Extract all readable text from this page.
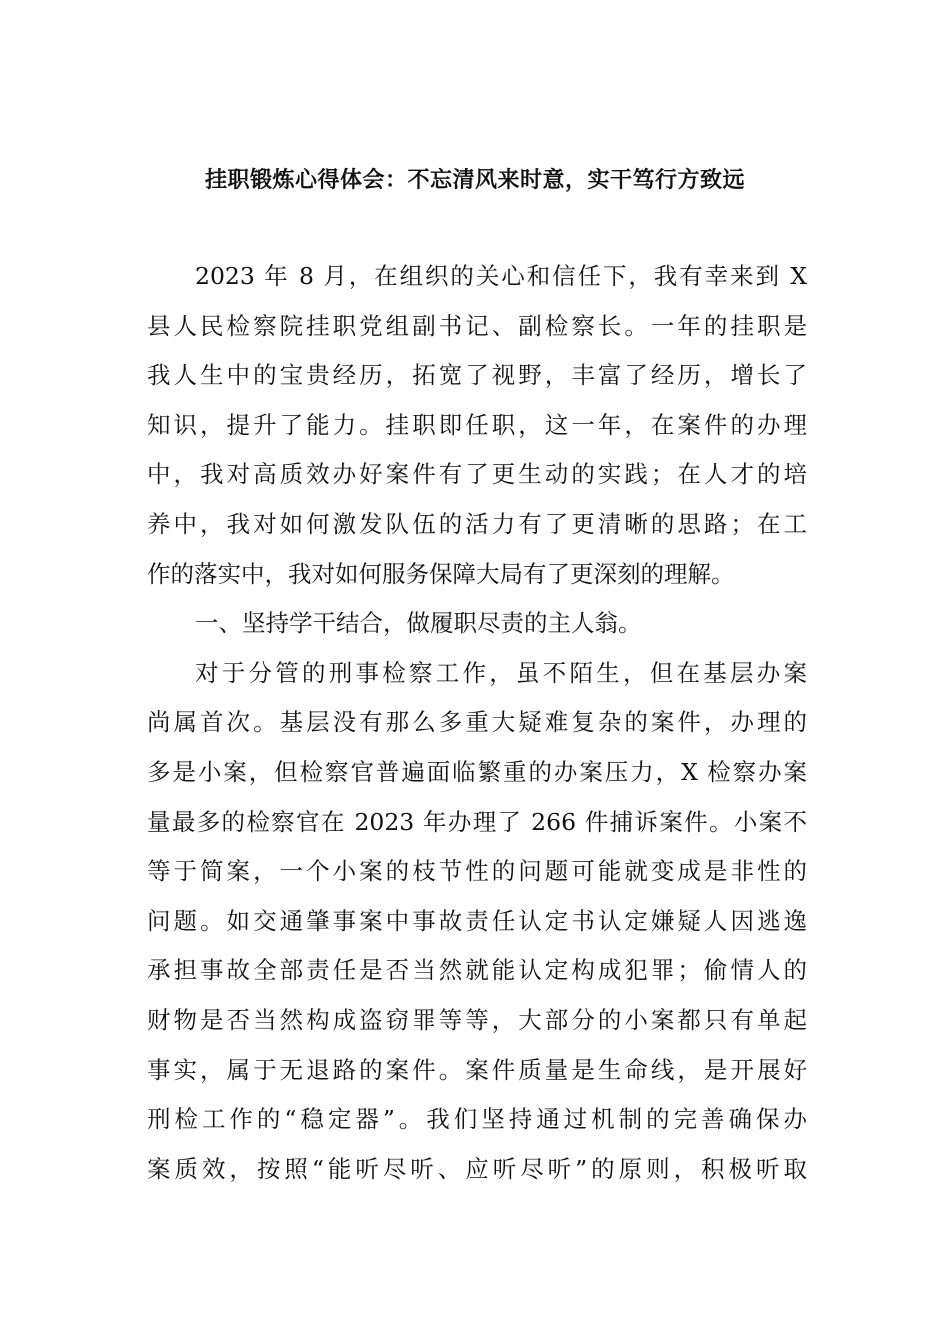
挂职锻炼心得体会：不忘清风来时意，实干笃行方致远
2023 年 8 月，在组织的关心和信任下，我有幸来到 X
县人民检察院挂职党组副书记、副检察长。一年的挂职是
我人生中的宝贵经历，拓宽了视野，丰富了经历，增长了
知识，提升了能力。挂职即任职，这一年，在案件的办理
中，我对高质效办好案件有了更生动的实践；在人才的培
养中，我对如何激发队伍的活力有了更清晰的思路；在工
作的落实中，我对如何服务保障大局有了更深刻的理解。
一、坚持学干结合，做履职尽责的主人翁。
对于分管的刑事检察工作，虽不陌生，但在基层办案
尚属首次。基层没有那么多重大疑难复杂的案件，办理的
多是小案，但检察官普遍面临繁重的办案压力，X 检察办案
量最多的检察官在 2023 年办理了 266 件捕诉案件。小案不
等于简案，一个小案的枝节性的问题可能就变成是非性的
问题。如交通肇事案中事故责任认定书认定嫌疑人因逃逸
承担事故全部责任是否当然就能认定构成犯罪；偷情人的
财物是否当然构成盗窃罪等等，大部分的小案都只有单起
事实，属于无退路的案件。案件质量是生命线，是开展好
刑检工作的“稳定器”。我们坚持通过机制的完善确保办
案质效，按照“能听尽听、应听尽听”的原则，积极听取
